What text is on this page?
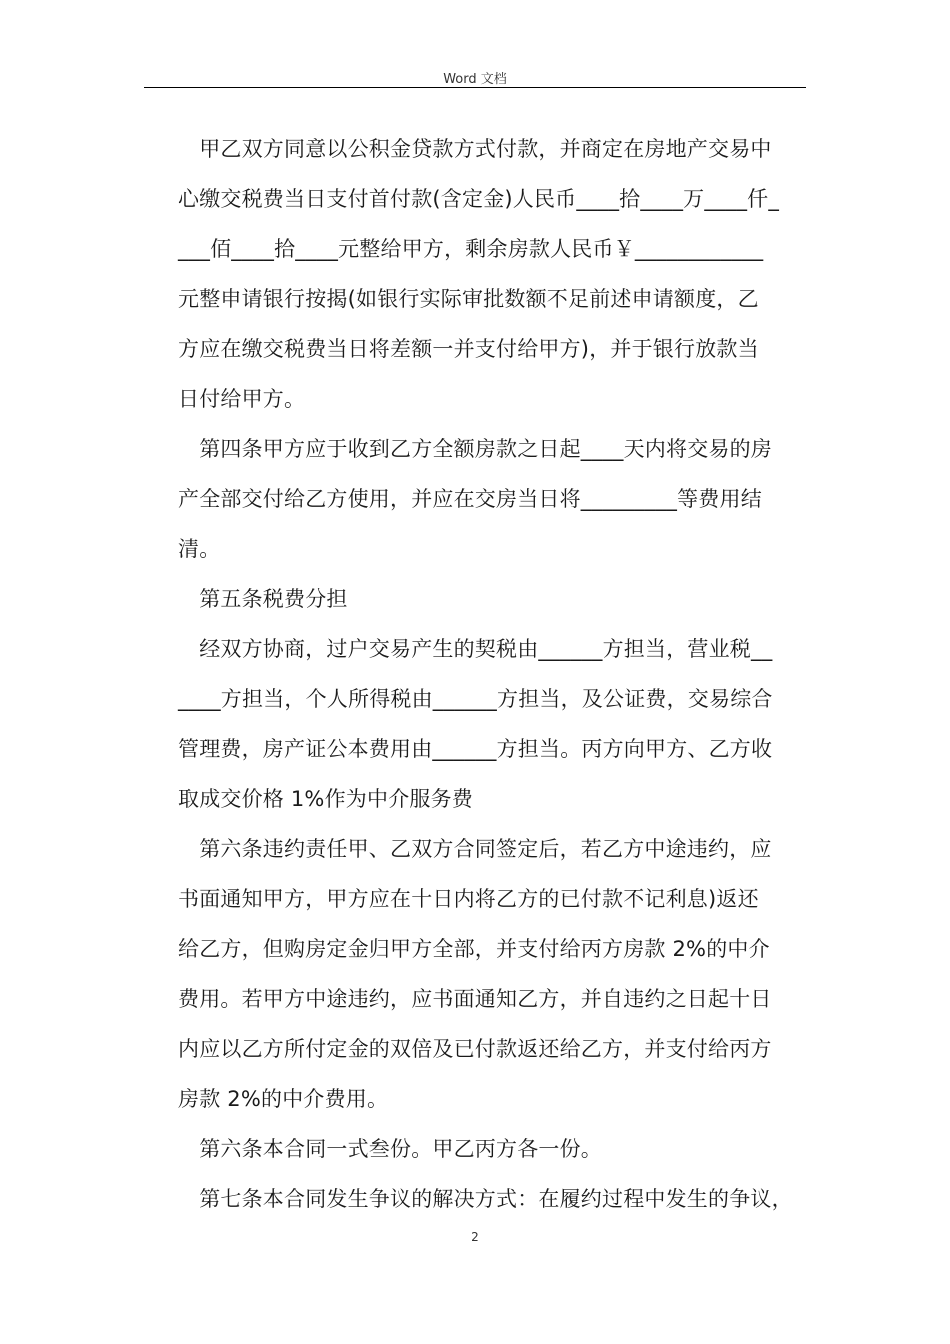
Word 文档
　甲乙双方同意以公积金贷款方式付款，并商定在房地产交易中
心缴交税费当日支付首付款(含定金)人民币____拾____万____仟_
___佰____拾____元整给甲方，剩余房款人民币￥____________
元整申请银行按揭(如银行实际审批数额不足前述申请额度，乙
方应在缴交税费当日将差额一并支付给甲方)，并于银行放款当
日付给甲方。
　第四条甲方应于收到乙方全额房款之日起____天内将交易的房
产全部交付给乙方使用，并应在交房当日将_________等费用结
清。
　第五条税费分担
　经双方协商，过户交易产生的契税由______方担当，营业税__
____方担当，个人所得税由______方担当，及公证费，交易综合
管理费，房产证公本费用由______方担当。丙方向甲方、乙方收
取成交价格 1%作为中介服务费
　第六条违约责任甲、乙双方合同签定后，若乙方中途违约，应
书面通知甲方，甲方应在十日内将乙方的已付款不记利息)返还
给乙方，但购房定金归甲方全部，并支付给丙方房款 2%的中介
费用。若甲方中途违约，应书面通知乙方，并自违约之日起十日
内应以乙方所付定金的双倍及已付款返还给乙方，并支付给丙方
房款 2%的中介费用。
　第六条本合同一式叁份。甲乙丙方各一份。
　第七条本合同发生争议的解决方式：在履约过程中发生的争议，
2
